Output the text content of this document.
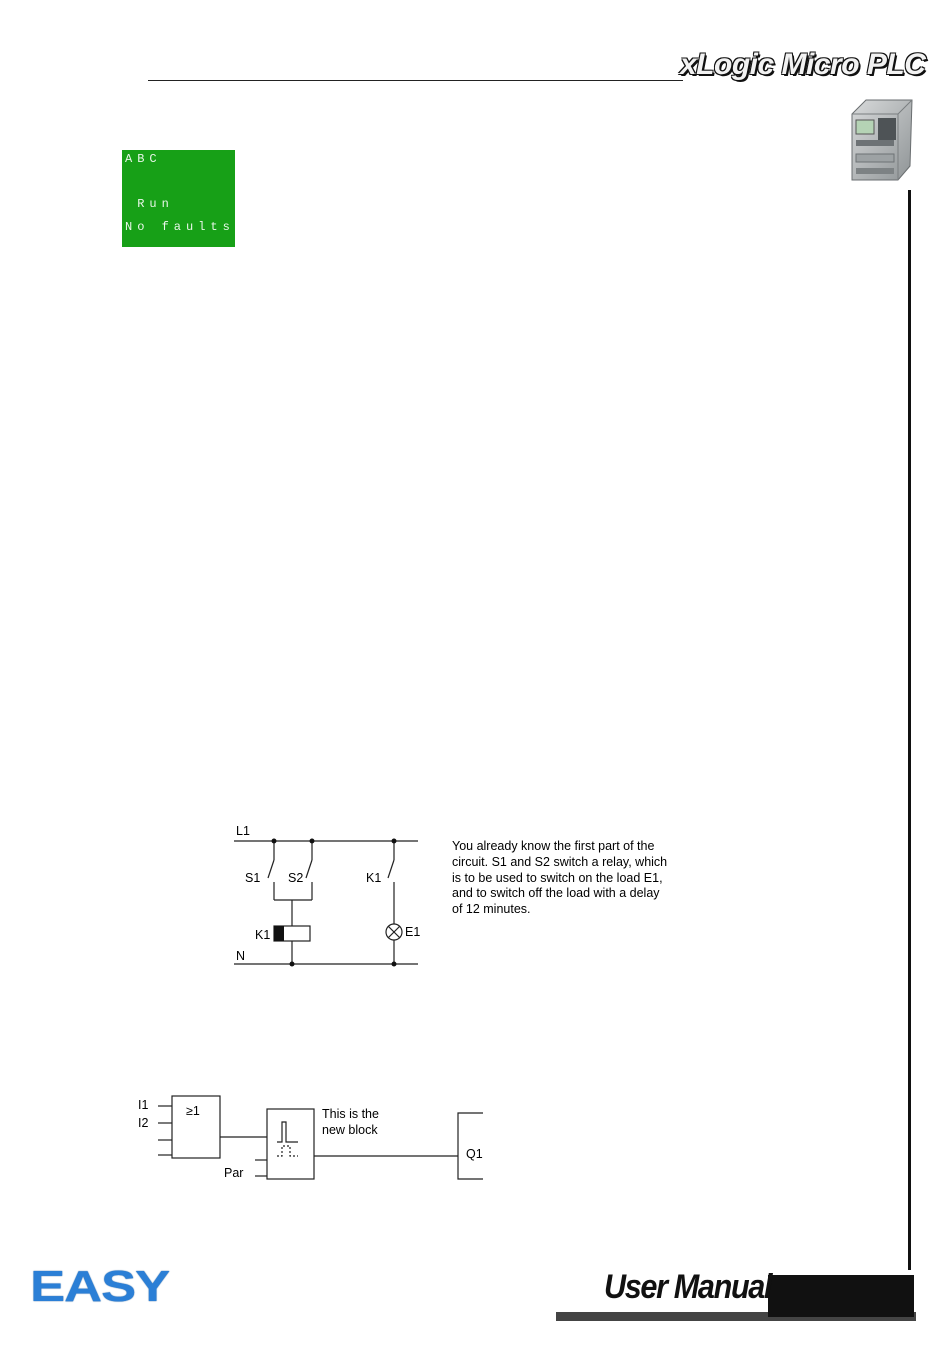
xLogic Micro PLC
ABC
Run
No faults
L1
N
S1 S2	K1
K1	E1
You already know the first part of the
circuit. S1 and S2 switch a relay, which
is to be used to switch on the load E1,
and to switch off the load with a delay
of 12 minutes.
I1
I2
≥1
Par
This is the
new block
Q1
EASY	User Manual
